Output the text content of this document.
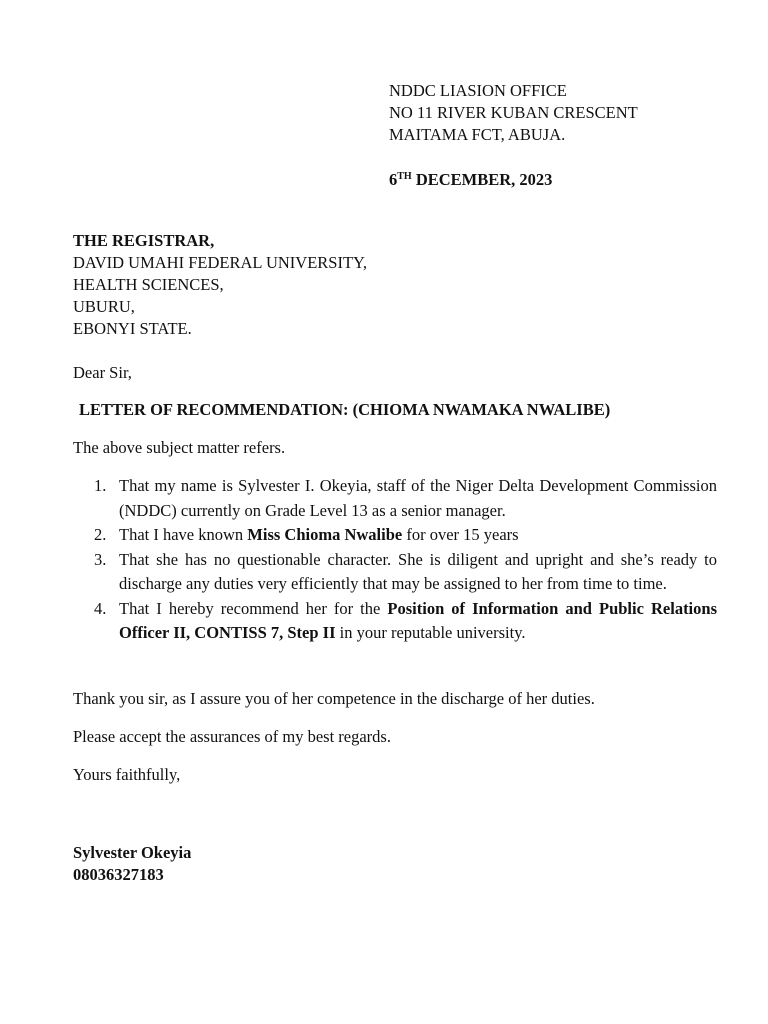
NDDC LIASION OFFICE
NO 11 RIVER KUBAN CRESCENT
MAITAMA FCT, ABUJA.
6TH DECEMBER, 2023
THE REGISTRAR,
DAVID UMAHI FEDERAL UNIVERSITY,
HEALTH SCIENCES,
UBURU,
EBONYI STATE.
Dear Sir,
LETTER OF RECOMMENDATION: (CHIOMA NWAMAKA NWALIBE)
The above subject matter refers.
1. That my name is Sylvester I. Okeyia, staff of the Niger Delta Development Commission (NDDC) currently on Grade Level 13 as a senior manager.
2. That I have known Miss Chioma Nwalibe for over 15 years
3. That she has no questionable character. She is diligent and upright and she’s ready to discharge any duties very efficiently that may be assigned to her from time to time.
4. That I hereby recommend her for the Position of Information and Public Relations Officer II, CONTISS 7, Step II in your reputable university.
Thank you sir, as I assure you of her competence in the discharge of her duties.
Please accept the assurances of my best regards.
Yours faithfully,
Sylvester Okeyia
08036327183
